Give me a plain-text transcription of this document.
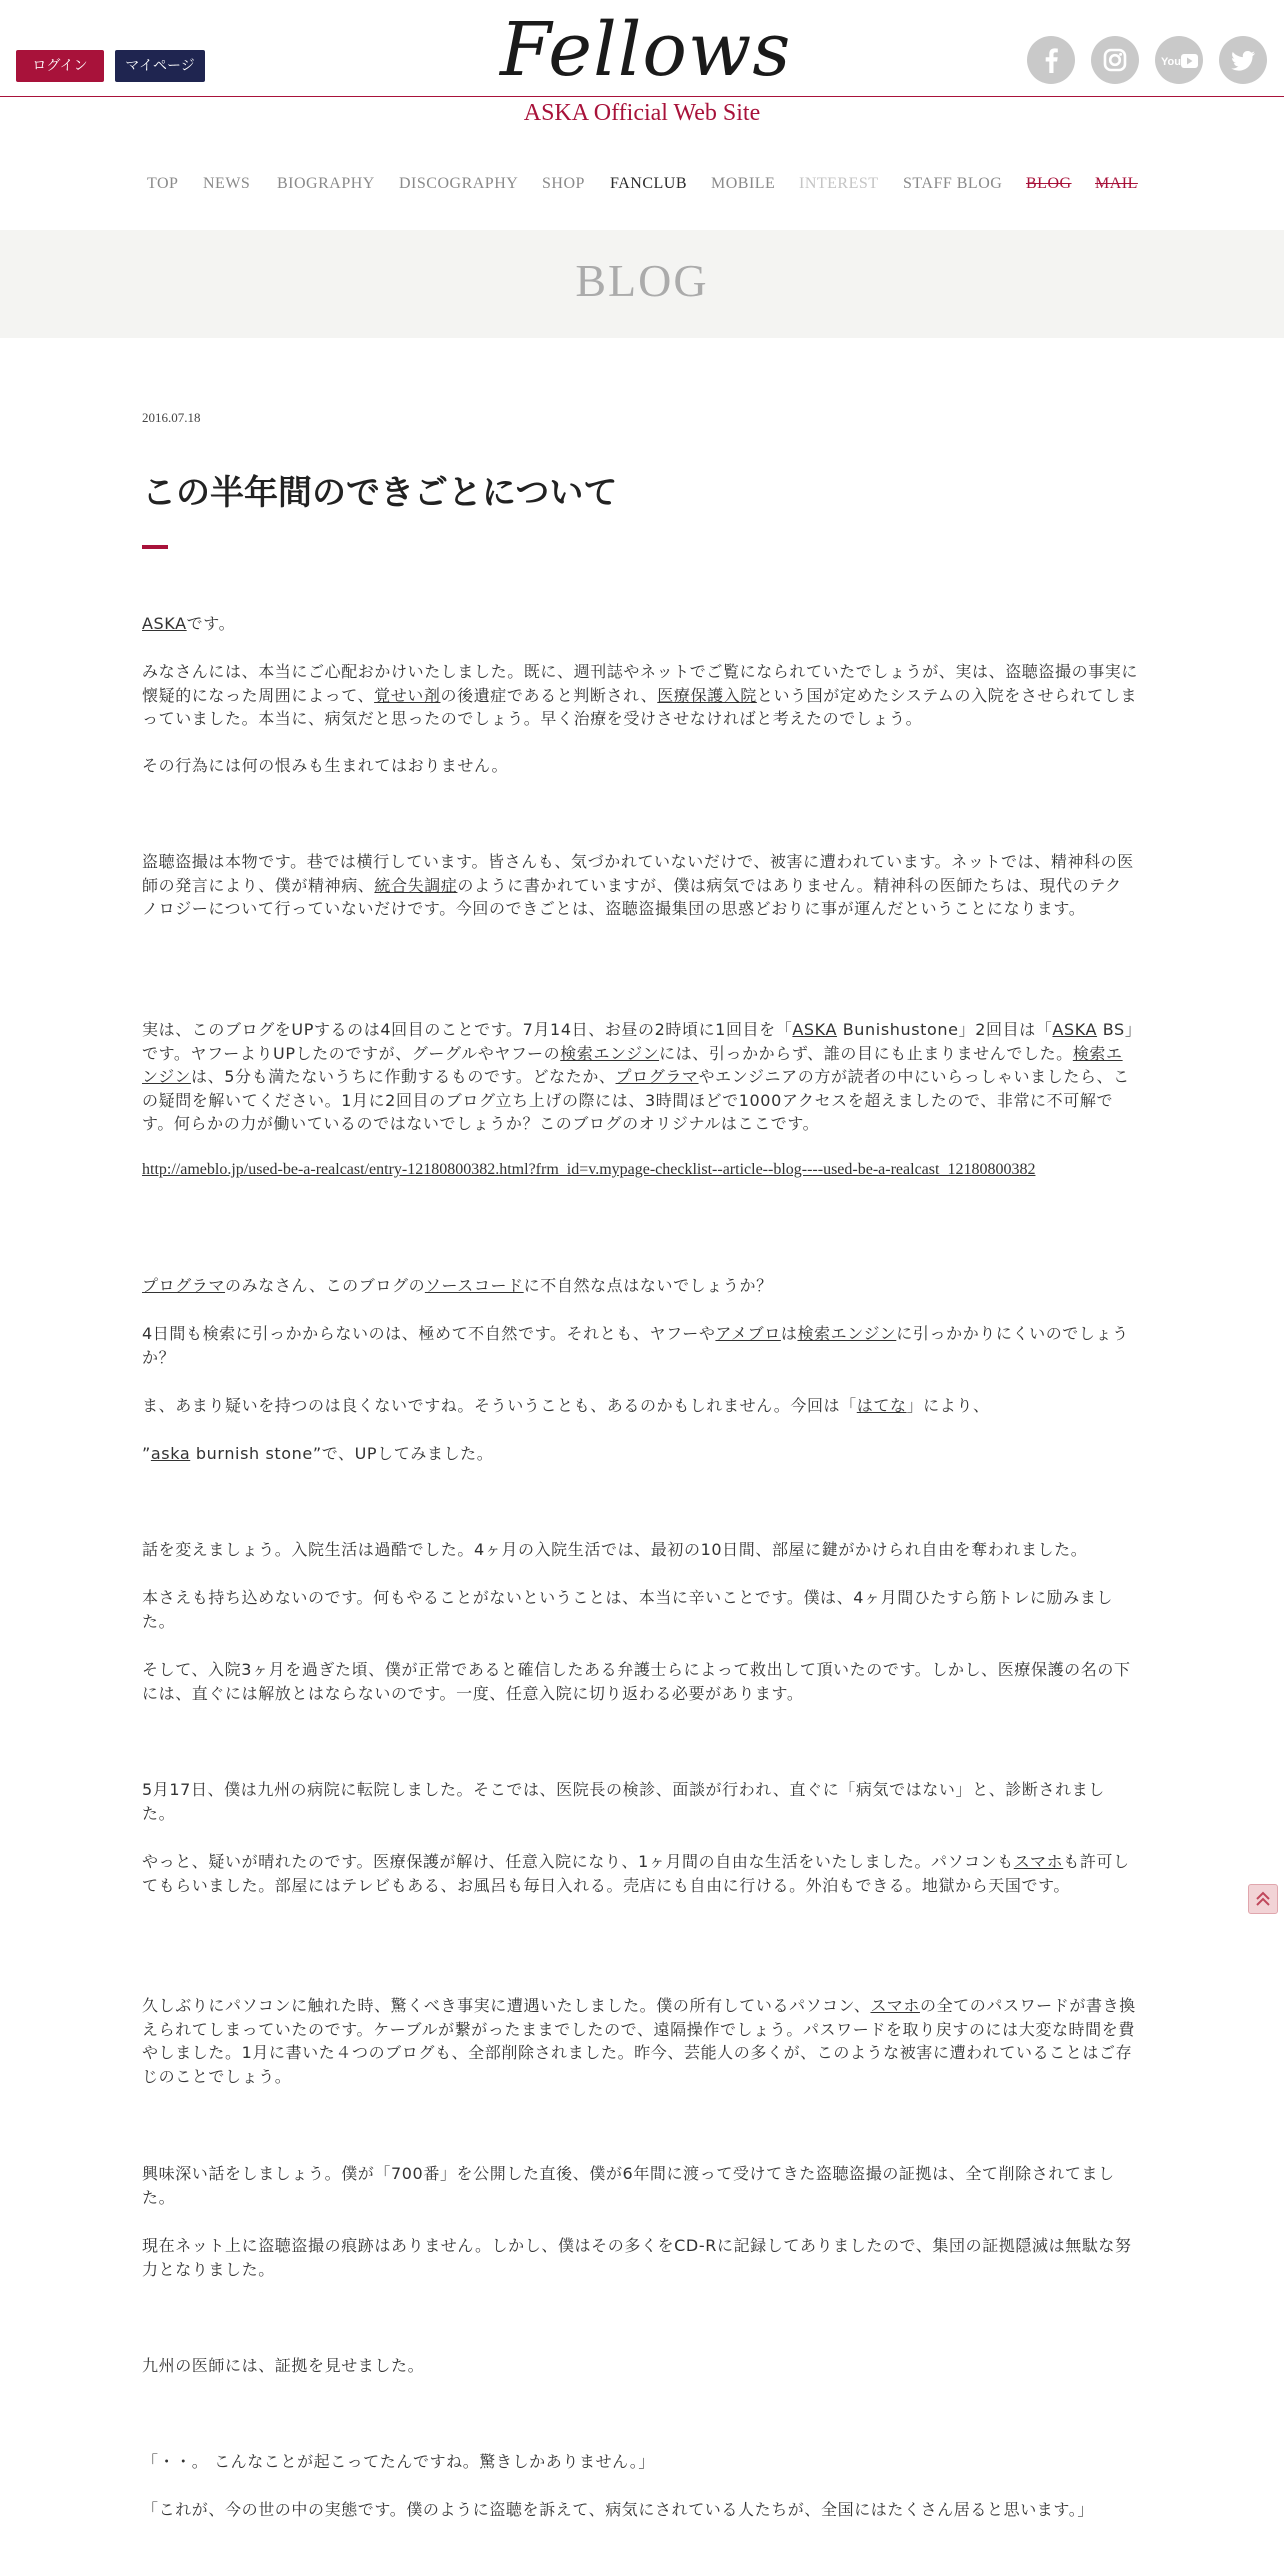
ログイン	マイページ	Fellows	You
ASKA Official Web Site
TOP NEWS BIOGRAPHY DISCOGRAPHY SHOP FANCLUB MOBILE INTEREST STAFF BLOG BLOG MAIL
BLOG
2016.07.18
この半年間のできごとについて
ASKAです。
みなさんには、本当にご心配おかけいたしました。既に、週刊誌やネットでご覧になられていたでしょうが、実は、盗聴盗撮の事実に懐疑的になった周囲によって、覚せい剤の後遺症であると判断され、医療保護入院という国が定めたシステムの入院をさせられてしまっていました。本当に、病気だと思ったのでしょう。早く治療を受けさせなければと考えたのでしょう。
その行為には何の恨みも生まれてはおりません。
盗聴盗撮は本物です。巷では横行しています。皆さんも、気づかれていないだけで、被害に遭われています。ネットでは、精神科の医師の発言により、僕が精神病、統合失調症のように書かれていますが、僕は病気ではありません。精神科の医師たちは、現代のテクノロジーについて行っていないだけです。今回のできごとは、盗聴盗撮集団の思惑どおりに事が運んだということになります。
実は、このブログをUPするのは4回目のことです。7月14日、お昼の2時頃に1回目を「ASKA Bunishustone」2回目は「ASKA BS」です。ヤフーよりUPしたのですが、グーグルやヤフーの検索エンジンには、引っかからず、誰の目にも止まりませんでした。検索エンジンは、5分も満たないうちに作動するものです。どなたか、プログラマやエンジニアの方が読者の中にいらっしゃいましたら、この疑問を解いてください。1月に2回目のブログ立ち上げの際には、3時間ほどで1000アクセスを超えましたので、非常に不可解です。何らかの力が働いているのではないでしょうか？このブログのオリジナルはここです。
http://ameblo.jp/used-be-a-realcast/entry-12180800382.html?frm_id=v.mypage-checklist--article--blog----used-be-a-realcast_12180800382
プログラマのみなさん、このブログのソースコードに不自然な点はないでしょうか？
4日間も検索に引っかからないのは、極めて不自然です。それとも、ヤフーやアメブロは検索エンジンに引っかかりにくいのでしょうか？
ま、あまり疑いを持つのは良くないですね。そういうことも、あるのかもしれません。今回は「はてな」により、
”aska burnish stone”で、UPしてみました。
話を変えましょう。入院生活は過酷でした。4ヶ月の入院生活では、最初の10日間、部屋に鍵がかけられ自由を奪われました。
本さえも持ち込めないのです。何もやることがないということは、本当に辛いことです。僕は、4ヶ月間ひたすら筋トレに励みました。
そして、入院3ヶ月を過ぎた頃、僕が正常であると確信したある弁護士らによって救出して頂いたのです。しかし、医療保護の名の下には、直ぐには解放とはならないのです。一度、任意入院に切り返わる必要があります。
5月17日、僕は九州の病院に転院しました。そこでは、医院長の検診、面談が行われ、直ぐに「病気ではない」と、診断されました。
やっと、疑いが晴れたのです。医療保護が解け、任意入院になり、1ヶ月間の自由な生活をいたしました。パソコンもスマホも許可してもらいました。部屋にはテレビもある、お風呂も毎日入れる。売店にも自由に行ける。外泊もできる。地獄から天国です。
久しぶりにパソコンに触れた時、驚くべき事実に遭遇いたしました。僕の所有しているパソコン、スマホの全てのパスワードが書き換えられてしまっていたのです。ケーブルが繋がったままでしたので、遠隔操作でしょう。パスワードを取り戻すのには大変な時間を費やしました。1月に書いた４つのブログも、全部削除されました。昨今、芸能人の多くが、このような被害に遭われていることはご存じのことでしょう。
興味深い話をしましょう。僕が「700番」を公開した直後、僕が6年間に渡って受けてきた盗聴盗撮の証拠は、全て削除されてました。
現在ネット上に盗聴盗撮の痕跡はありません。しかし、僕はその多くをCD-Rに記録してありましたので、集団の証拠隠滅は無駄な努力となりました。
九州の医師には、証拠を見せました。
「・・。 こんなことが起こってたんですね。驚きしかありません。」
「これが、今の世の中の実態です。僕のように盗聴を訴えて、病気にされている人たちが、全国にはたくさん居ると思います。」
